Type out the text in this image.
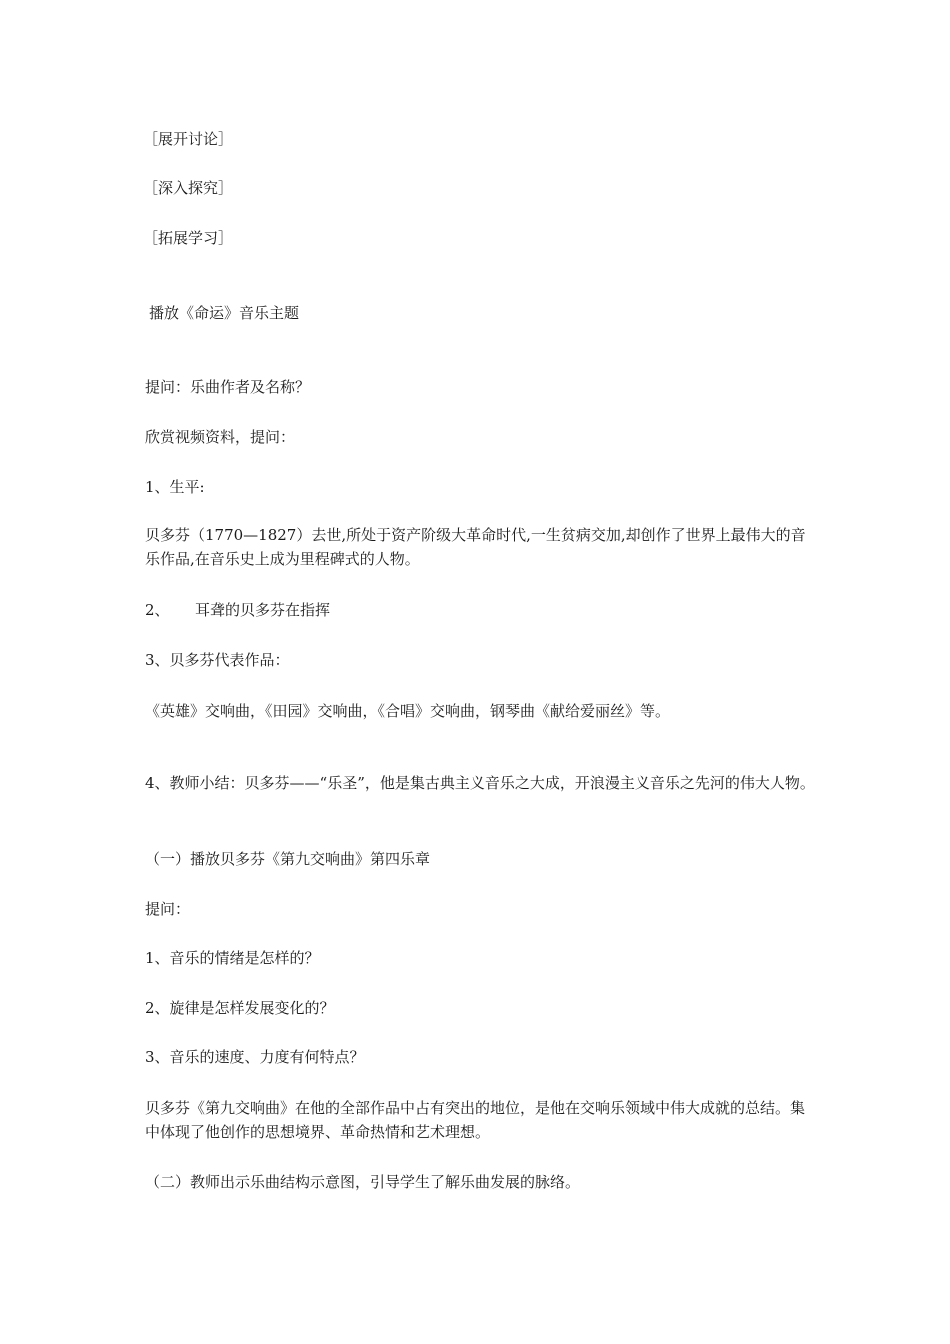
［展开讨论］
［深入探究］
［拓展学习］
播放《命运》音乐主题
提问：乐曲作者及名称？
欣赏视频资料，提问：
1、生平:
贝多芬（1770—1827）去世,所处于资产阶级大革命时代,一生贫病交加,却创作了世界上最伟大的音乐作品,在音乐史上成为里程碑式的人物。
2、 耳聋的贝多芬在指挥
3、贝多芬代表作品：
《英雄》交响曲，《田园》交响曲，《合唱》交响曲，钢琴曲《献给爱丽丝》等。
4、教师小结：贝多芬——“乐圣”，他是集古典主义音乐之大成，开浪漫主义音乐之先河的伟大人物。
（一）播放贝多芬《第九交响曲》第四乐章
提问：
1、音乐的情绪是怎样的？
2、旋律是怎样发展变化的？
3、音乐的速度、力度有何特点？
贝多芬《第九交响曲》在他的全部作品中占有突出的地位，是他在交响乐领域中伟大成就的总结。集中体现了他创作的思想境界、革命热情和艺术理想。
（二）教师出示乐曲结构示意图，引导学生了解乐曲发展的脉络。
